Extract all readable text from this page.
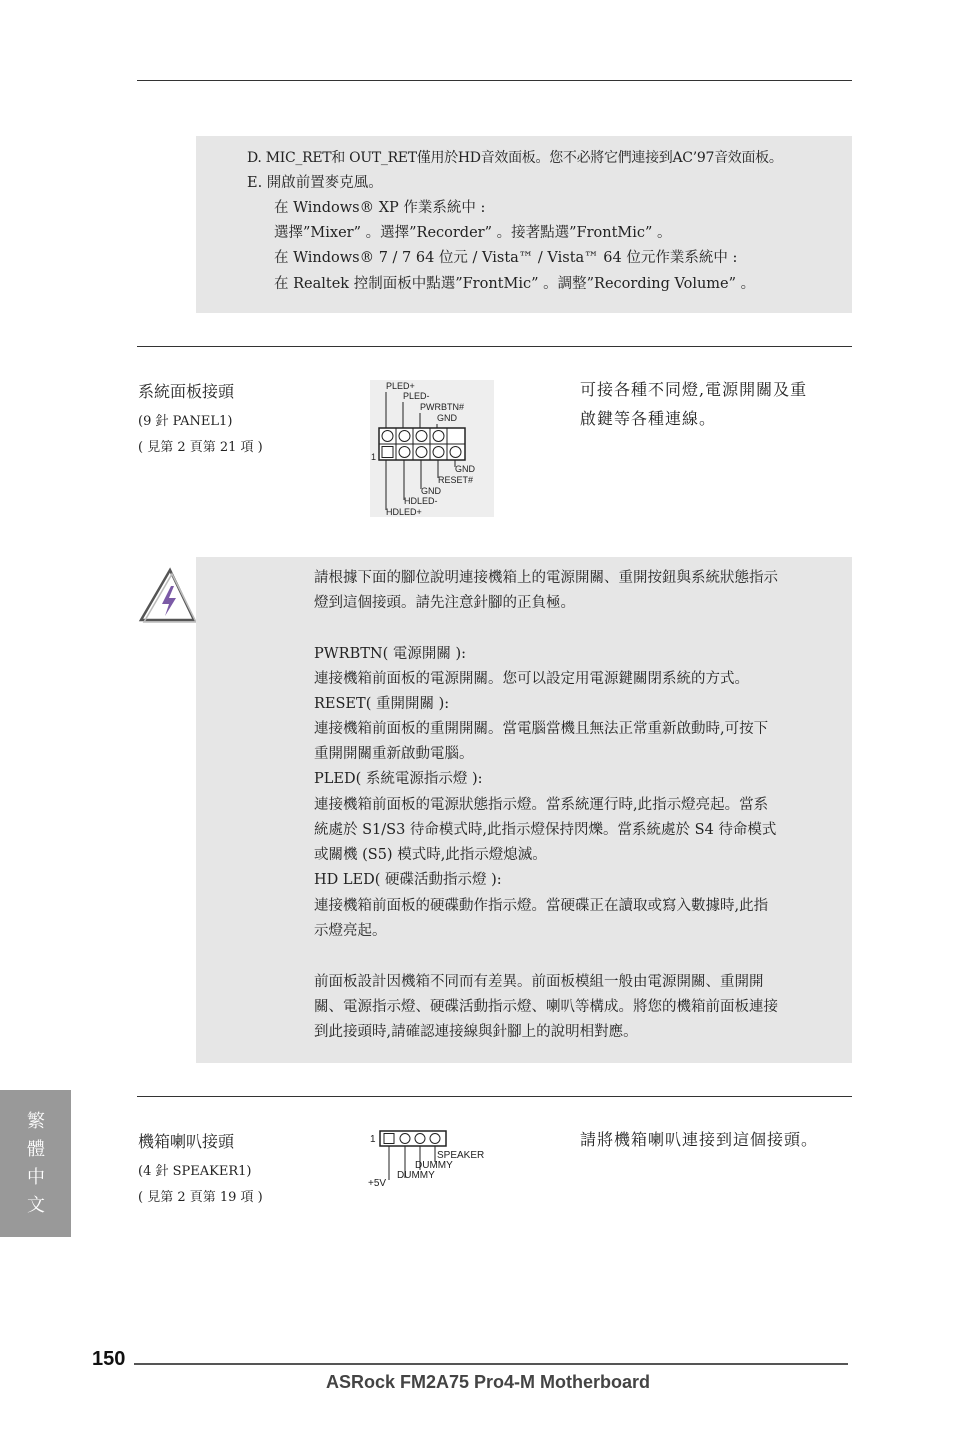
D. MIC_RET和 OUT_RET僅用於HD音效面板。您不必將它們連接到AC’97音效面板。
E. 開啟前置麥克風。
在 Windows® XP 作業系統中 :
選擇”Mixer” 。選擇”Recorder” 。接著點選”FrontMic” 。
在 Windows® 7 / 7 64 位元 / Vista™ / Vista™ 64 位元作業系統中 :
在 Realtek 控制面板中點選”FrontMic” 。調整”Recording Volume” 。
系統面板接頭
(9 針 PANEL1)
( 見第 2 頁第 21 項 )
可接各種不同燈,電源開關及重
啟鍵等各種連線。
PLED+
PLED-
PWRBTN#
GND
1
GND
RESET#
GND
HDLED-
HDLED+
請根據下面的腳位說明連接機箱上的電源開關、重開按鈕與系統狀態指示
燈到這個接頭。請先注意針腳的正負極。
PWRBTN( 電源開關 ):
連接機箱前面板的電源開關。您可以設定用電源鍵關閉系統的方式。
RESET( 重開開關 ):
連接機箱前面板的重開開關。當電腦當機且無法正常重新啟動時,可按下
重開開關重新啟動電腦。
PLED( 系統電源指示燈 ):
連接機箱前面板的電源狀態指示燈。當系統運行時,此指示燈亮起。當系
統處於 S1/S3 待命模式時,此指示燈保持閃爍。當系統處於 S4 待命模式
或關機 (S5) 模式時,此指示燈熄滅。
HD LED( 硬碟活動指示燈 ):
連接機箱前面板的硬碟動作指示燈。當硬碟正在讀取或寫入數據時,此指
示燈亮起。
前面板設計因機箱不同而有差異。前面板模組一般由電源開關、重開開
關、電源指示燈、硬碟活動指示燈、喇叭等構成。將您的機箱前面板連接
到此接頭時,請確認連接線與針腳上的說明相對應。
機箱喇叭接頭
(4 針 SPEAKER1)
( 見第 2 頁第 19 項 )
請將機箱喇叭連接到這個接頭。
1
SPEAKER
DUMMY
DUMMY
+5V
繁體中文
150
ASRock FM2A75 Pro4-M Motherboard
